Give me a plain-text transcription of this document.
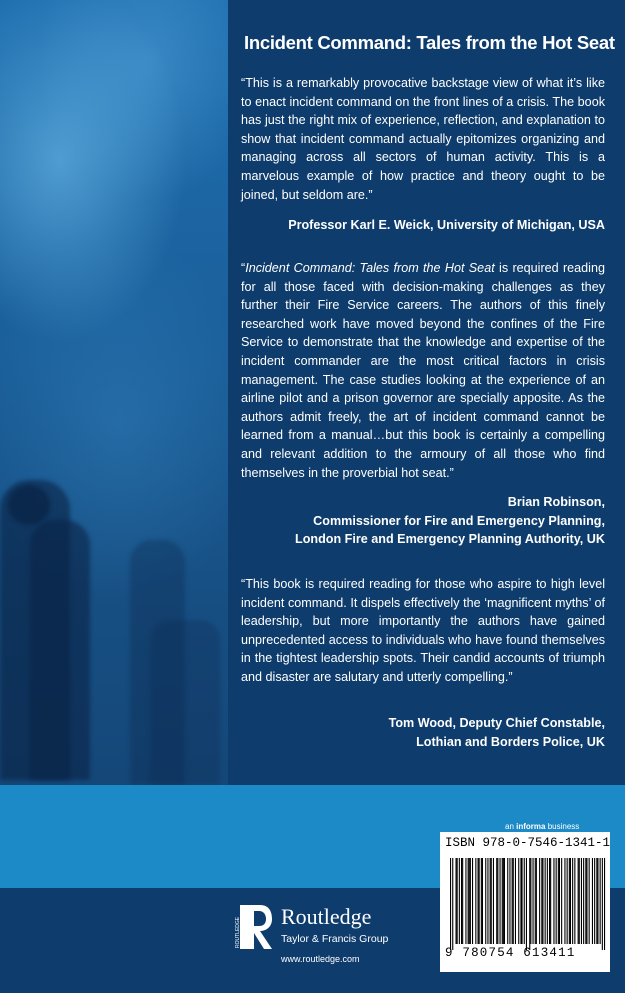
Incident Command: Tales from the Hot Seat
“This is a remarkably provocative backstage view of what it’s like to enact incident command on the front lines of a crisis. The book has just the right mix of experience, reflection, and explanation to show that incident command actually epitomizes organizing and managing across all sectors of human activity. This is a marvelous example of how practice and theory ought to be joined, but seldom are.”
Professor Karl E. Weick, University of Michigan, USA
“Incident Command: Tales from the Hot Seat is required reading for all those faced with decision-making challenges as they further their Fire Service careers. The authors of this finely researched work have moved beyond the confines of the Fire Service to demonstrate that the knowledge and expertise of the incident commander are the most critical factors in crisis management. The case studies looking at the experience of an airline pilot and a prison governor are specially apposite. As the authors admit freely, the art of incident command cannot be learned from a manual…but this book is certainly a compelling and relevant addition to the armoury of all those who find themselves in the proverbial hot seat.”
Brian Robinson,
Commissioner for Fire and Emergency Planning,
London Fire and Emergency Planning Authority, UK
“This book is required reading for those who aspire to high level incident command. It dispels effectively the ‘magnificent myths’ of leadership, but more importantly the authors have gained unprecedented access to individuals who have found themselves in the tightest leadership spots. Their candid accounts of triumph and disaster are salutary and utterly compelling.”
Tom Wood, Deputy Chief Constable,
Lothian and Borders Police, UK
an informa business
ISBN 978-0-7546-1341-1
9 780754 613411
ROUTLEDGE
Routledge
Taylor & Francis Group
www.routledge.com
